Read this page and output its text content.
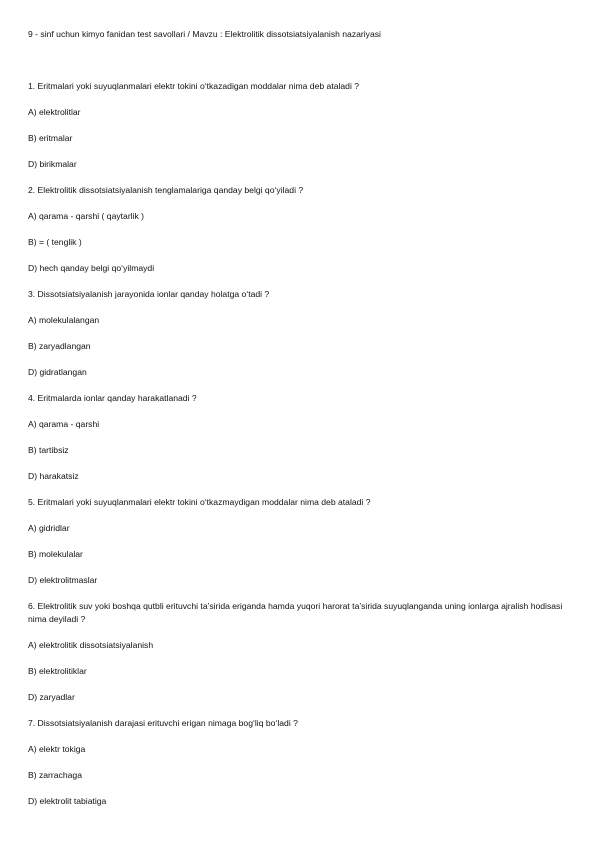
9 - sinf uchun kimyo fanidan test savollari / Mavzu : Elektrolitik dissotsiatsiyalanish nazariyasi
1. Eritmalari yoki suyuqlanmalari elektr tokini o‘tkazadigan moddalar nima deb ataladi ?
A) elektrolitlar
B) eritmalar
D) birikmalar
2. Elektrolitik dissotsiatsiyalanish tenglamalariga qanday belgi qo‘yiladi ?
A) qarama - qarshi ( qaytarlik )
B) = ( tenglik )
D) hech qanday belgi qo‘yilmaydi
3. Dissotsiatsiyalanish jarayonida ionlar qanday holatga o‘tadi ?
A) molekulalangan
B) zaryadlangan
D) gidratlangan
4. Eritmalarda ionlar qanday harakatlanadi ?
A) qarama - qarshi
B) tartibsiz
D) harakatsiz
5. Eritmalari yoki suyuqlanmalari elektr tokini o‘tkazmaydigan moddalar nima deb ataladi ?
A) gidridlar
B) molekulalar
D) elektrolitmaslar
6. Elektrolitik suv yoki boshqa qutbli erituvchi ta’sirida eriganda hamda yuqori harorat ta’sirida suyuqlanganda uning ionlarga ajralish hodisasi nima deyiladi ?
A) elektrolitik dissotsiatsiyalanish
B) elektrolitiklar
D) zaryadlar
7. Dissotsiatsiyalanish darajasi erituvchi erigan nimaga bog‘liq bo‘ladi ?
A) elektr tokiga
B) zarrachaga
D) elektrolit tabiatiga
